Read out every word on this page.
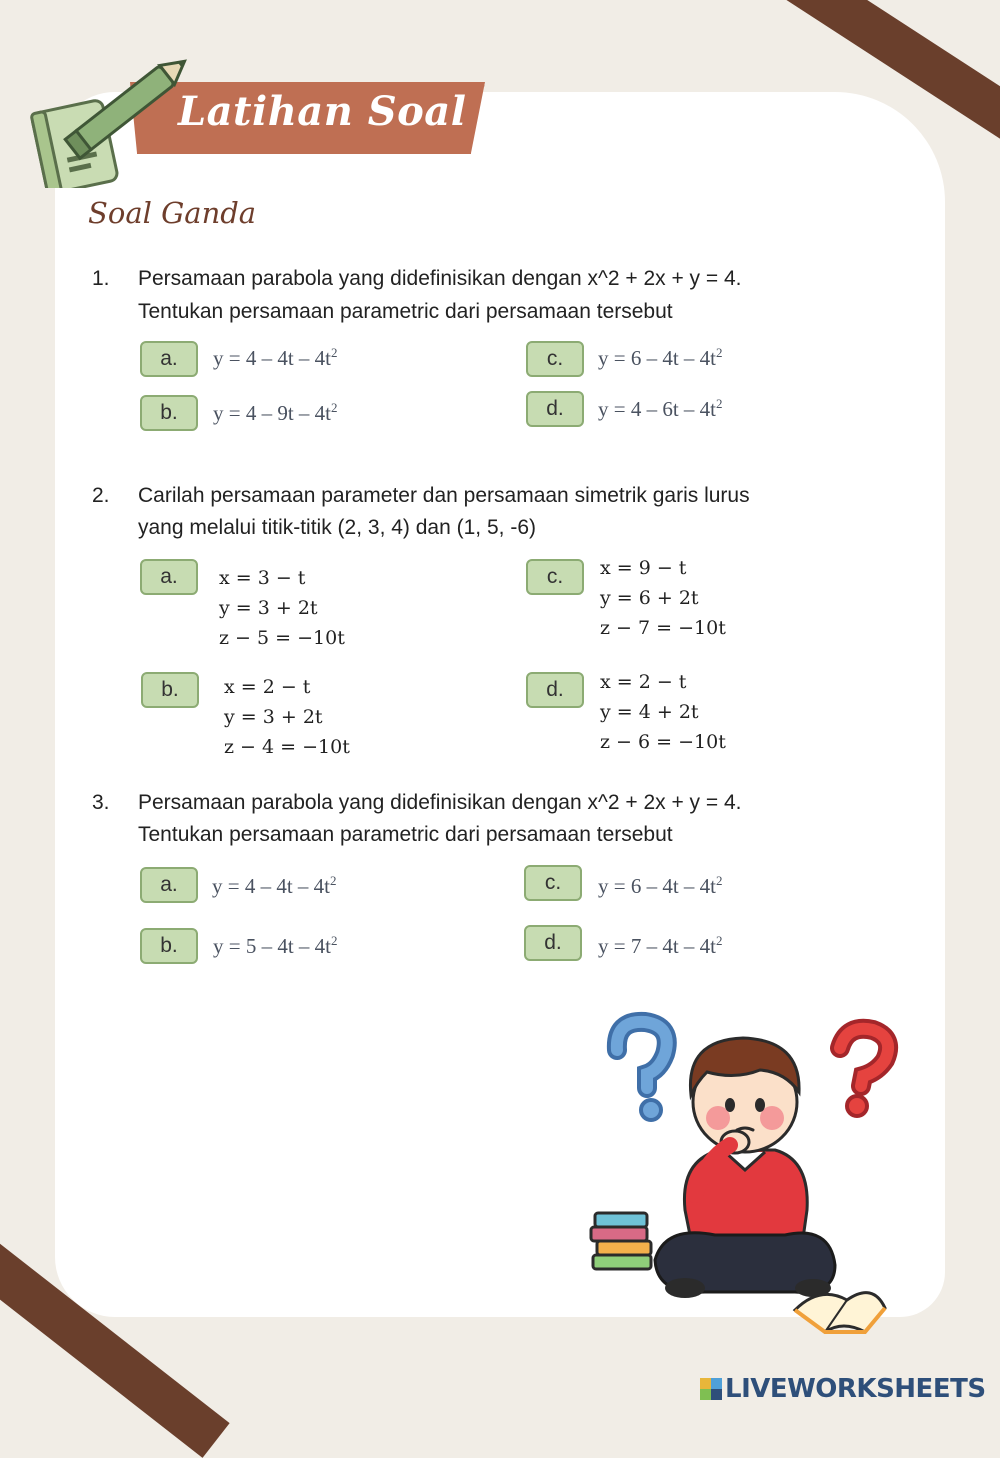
Latihan Soal
Soal Ganda
1. Persamaan parabola yang didefinisikan dengan x^2 + 2x + y = 4.
Tentukan persamaan parametric dari persamaan tersebut
a.	$y = 4 - 4t - 4t^2$
b.	$y = 4 - 9t - 4t^2$
c.	$y = 6 - 4t - 4t^2$
d.	$y = 4 - 6t - 4t^2$
2. Carilah persamaan parameter dan persamaan simetrik garis lurus
yang melalui titik-titik (2, 3, 4) dan (1, 5, -6)
a.	x = 3 − t
y = 3 + 2t
z − 5 = −10t
b.	x = 2 − t
y = 3 + 2t
z − 4 = −10t
c.	x = 9 − t
y = 6 + 2t
z − 7 = −10t
d.	x = 2 − t
y = 4 + 2t
z − 6 = −10t
3. Persamaan parabola yang didefinisikan dengan x^2 + 2x + y = 4.
Tentukan persamaan parametric dari persamaan tersebut
a.	$y = 4 - 4t - 4t^2$
b.	$y = 5 - 4t - 4t^2$
c.	$y = 6 - 4t - 4t^2$
d.	$y = 7 - 4t - 4t^2$
LIVEWORKSHEETS
